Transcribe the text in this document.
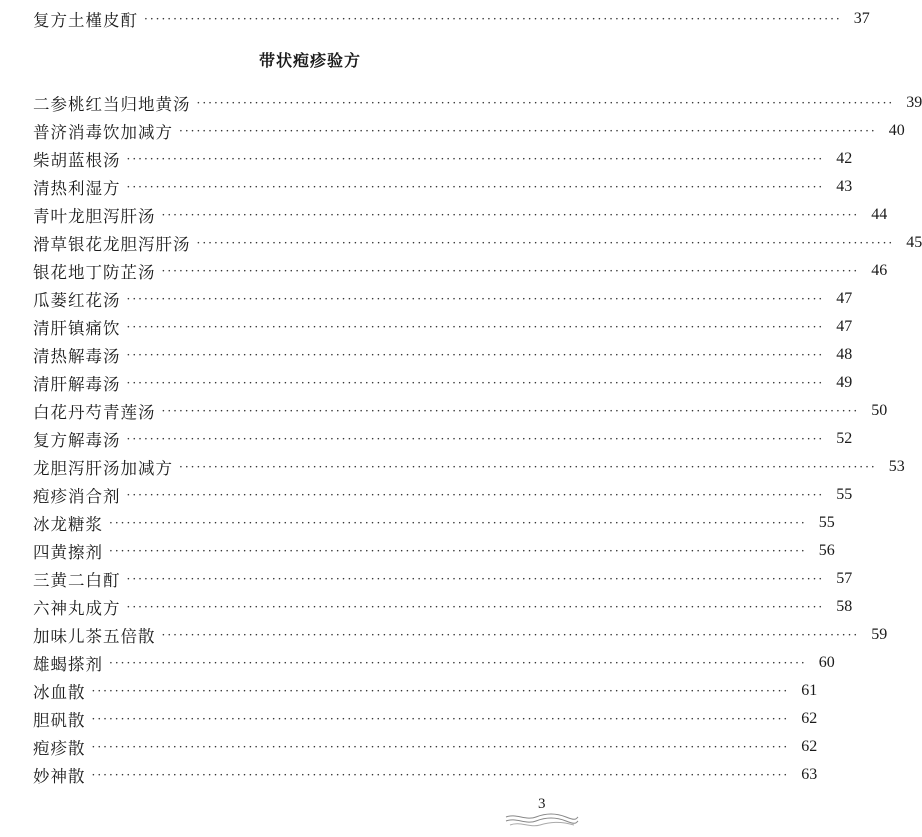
复方土槿皮酊 ························································································································ 37
带状疱疹验方
二参桃红当归地黄汤 ························································································································ 39
普济消毒饮加减方 ························································································································ 40
柴胡蓝根汤 ························································································································ 42
清热利湿方 ························································································································ 43
青叶龙胆泻肝汤 ························································································································ 44
滑草银花龙胆泻肝汤 ························································································································ 45
银花地丁防芷汤 ························································································································ 46
瓜蒌红花汤 ························································································································ 47
清肝镇痛饮 ························································································································ 47
清热解毒汤 ························································································································ 48
清肝解毒汤 ························································································································ 49
白花丹芍青莲汤 ························································································································ 50
复方解毒汤 ························································································································ 52
龙胆泻肝汤加减方 ························································································································ 53
疱疹消合剂 ························································································································ 55
冰龙糖浆 ························································································································ 55
四黄擦剂 ························································································································ 56
三黄二白酊 ························································································································ 57
六神丸成方 ························································································································ 58
加味儿茶五倍散 ························································································································ 59
雄蝎搽剂 ························································································································ 60
冰血散 ························································································································ 61
胆矾散 ························································································································ 62
疱疹散 ························································································································ 62
妙神散 ························································································································ 63
3
